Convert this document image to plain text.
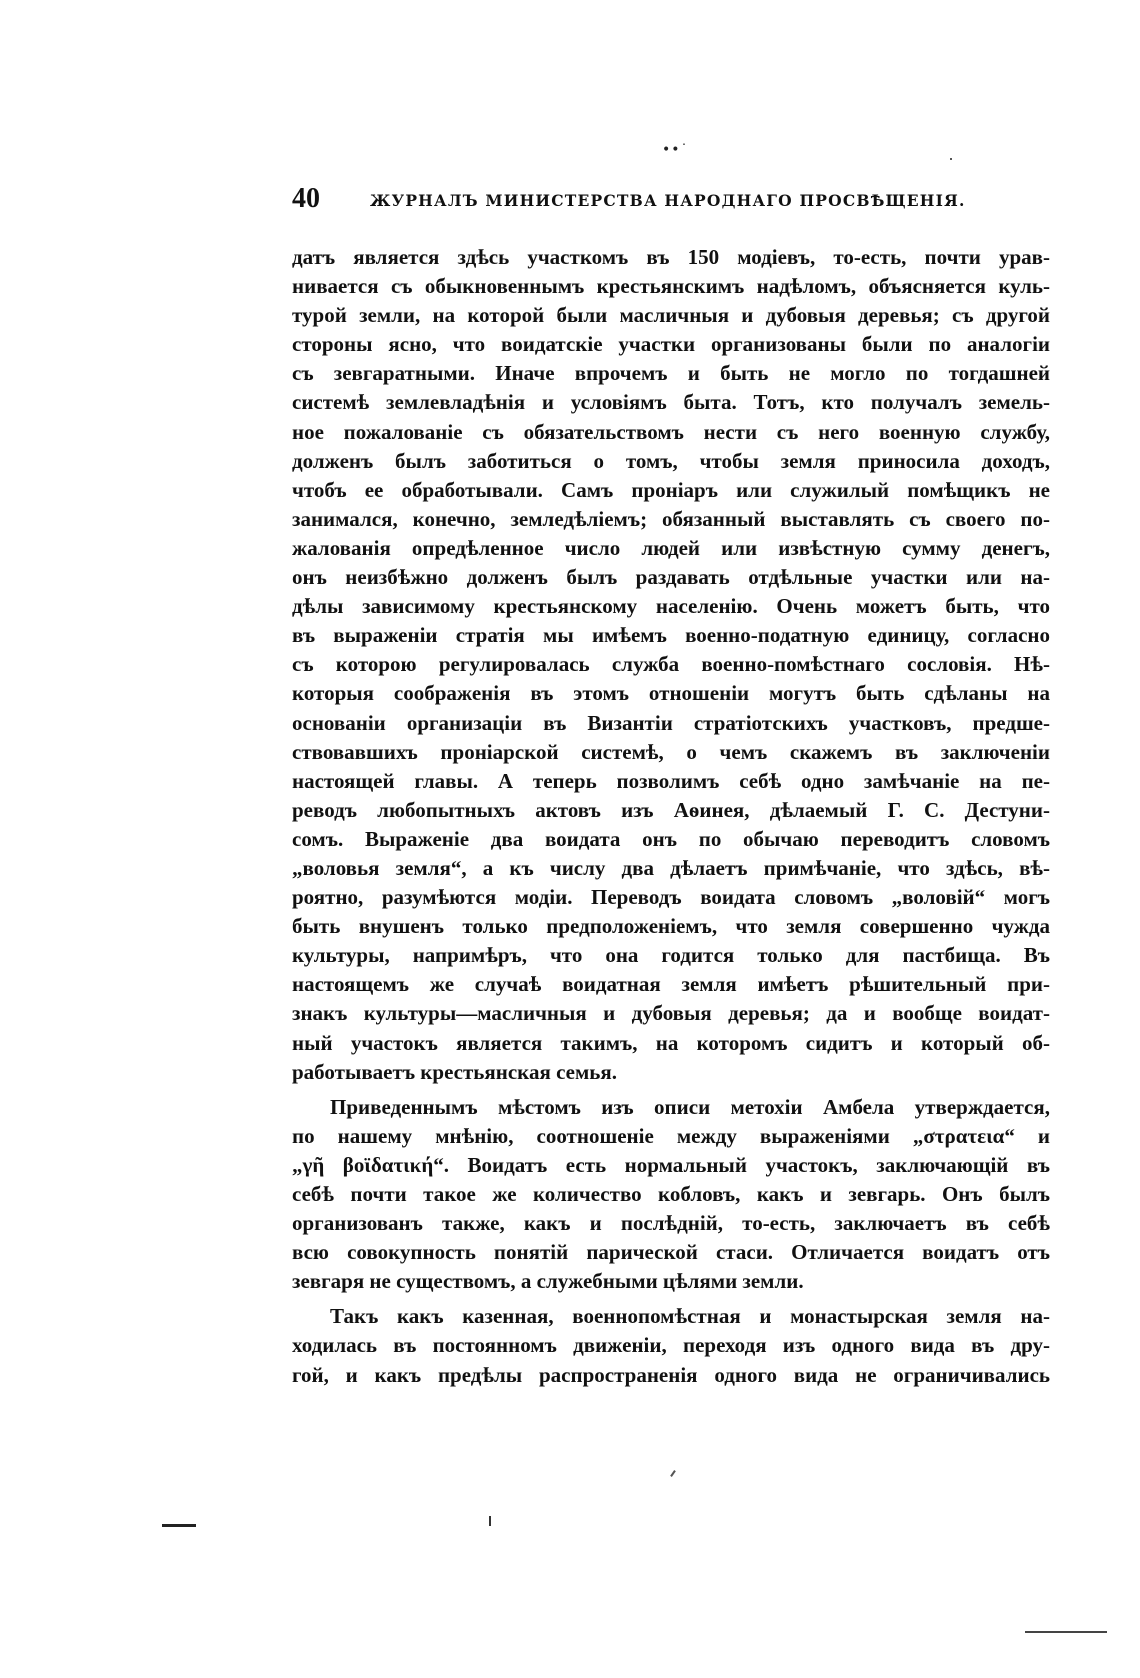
••˙
40	ЖУРНАЛЪ МИНИСТЕРСТВА НАРОДНАГО ПРОСВѢЩЕНІЯ.
датъ является здѣсь участкомъ въ 150 модіевъ, то-есть, почти урав-
нивается съ обыкновеннымъ крестьянскимъ надѣломъ, объясняется куль-
турой земли, на которой были масличныя и дубовыя деревья; съ другой
стороны ясно, что воидатскіе участки организованы были по аналогіи
съ зевгаратными. Иначе впрочемъ и быть не могло по тогдашней
системѣ землевладѣнія и условіямъ быта. Тотъ, кто получалъ земель-
ное пожалованіе съ обязательствомъ нести съ него военную службу,
долженъ былъ заботиться о томъ, чтобы земля приносила доходъ,
чтобъ ее обработывали. Самъ проніаръ или служилый помѣщикъ не
занимался, конечно, земледѣліемъ; обязанный выставлять съ своего по-
жалованія опредѣленное число людей или извѣстную сумму денегъ,
онъ неизбѣжно долженъ былъ раздавать отдѣльные участки или на-
дѣлы зависимому крестьянскому населенію. Очень можетъ быть, что
въ выраженіи стратія мы имѣемъ военно-податную единицу, согласно
съ которою регулировалась служба военно-помѣстнаго сословія. Нѣ-
которыя соображенія въ этомъ отношеніи могутъ быть сдѣланы на
основаніи организаціи въ Византіи стратіотскихъ участковъ, предше-
ствовавшихъ проніарской системѣ, о чемъ скажемъ въ заключеніи
настоящей главы. А теперь позволимъ себѣ одно замѣчаніе на пе-
реводъ любопытныхъ актовъ изъ Аѳинея, дѣлаемый Г. С. Дестуни-
сомъ. Выраженіе два воидата онъ по обычаю переводитъ словомъ
„воловья земля“, а къ числу два дѣлаетъ примѣчаніе, что здѣсь, вѣ-
роятно, разумѣются модіи. Переводъ воидата словомъ „воловій“ могъ
быть внушенъ только предположеніемъ, что земля совершенно чужда
культуры, напримѣръ, что она годится только для пастбища. Въ
настоящемъ же случаѣ воидатная земля имѣетъ рѣшительный при-
знакъ культуры—масличныя и дубовыя деревья; да и вообще воидат-
ный участокъ является такимъ, на которомъ сидитъ и который об-
работываетъ крестьянская семья.
Приведеннымъ мѣстомъ изъ описи метохіи Амбела утверждается,
по нашему мнѣнію, соотношеніе между выраженіями „στρατεια“ и
„γῆ βοϊδατική“. Воидатъ есть нормальный участокъ, заключающій въ
себѣ почти такое же количество кобловъ, какъ и зевгарь. Онъ былъ
организованъ также, какъ и послѣдній, то-есть, заключаетъ въ себѣ
всю совокупность понятій парической стаси. Отличается воидатъ отъ
зевгаря не существомъ, а служебными цѣлями земли.
Такъ какъ казенная, военнопомѣстная и монастырская земля на-
ходилась въ постоянномъ движеніи, переходя изъ одного вида въ дру-
гой, и какъ предѣлы распространенія одного вида не ограничивались
